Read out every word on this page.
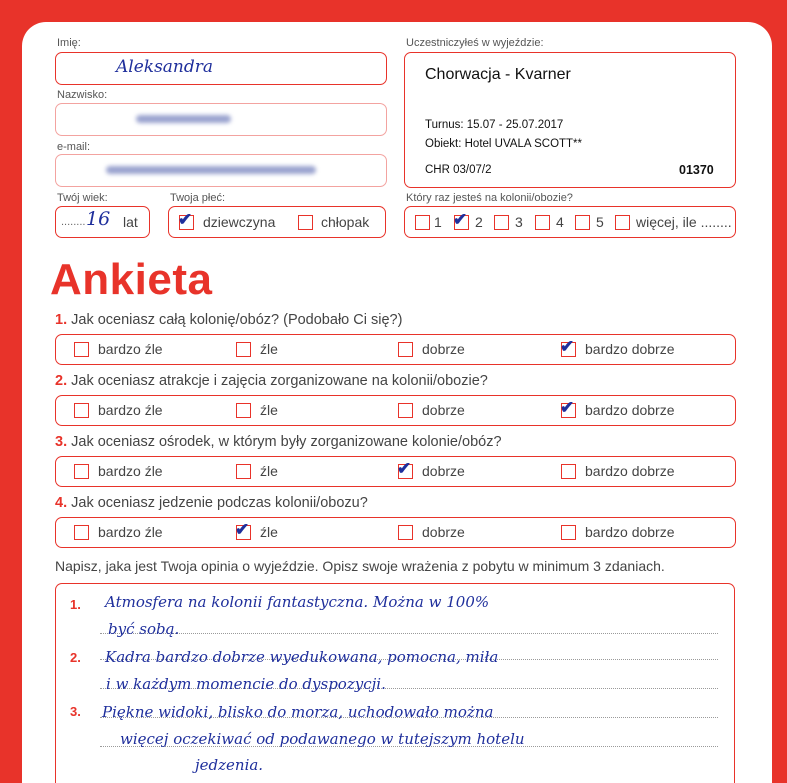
Imię:
Aleksandra
Nazwisko:
e-mail:
Twój wiek:
........ 16 lat
Twoja płeć:
✔ dziewczyna	chłopak
Uczestniczyłeś w wyjeździe:
Chorwacja - Kvarner
Turnus: 15.07 - 25.07.2017
Obiekt: Hotel UVALA SCOTT**
CHR 03/07/2	01370
Który raz jesteś na kolonii/obozie?
1 ✔ 2 3 4 5 więcej, ile ........
Ankieta
1. Jak oceniasz całą kolonię/obóz? (Podobało Ci się?)
bardzo źle	źle	dobrze	✔ bardzo dobrze
2. Jak oceniasz atrakcje i zajęcia zorganizowane na kolonii/obozie?
bardzo źle	źle	dobrze	✔ bardzo dobrze
3. Jak oceniasz ośrodek, w którym były zorganizowane kolonie/obóz?
bardzo źle	źle	✔ dobrze	bardzo dobrze
4. Jak oceniasz jedzenie podczas kolonii/obozu?
bardzo źle	✔ źle	dobrze	bardzo dobrze
Napisz, jaka jest Twoja opinia o wyjeździe. Opisz swoje wrażenia z pobytu w minimum 3 zdaniach.
1.
2.
3.
Atmosfera na kolonii fantastyczna. Można w 100%
być sobą.
Kadra bardzo dobrze wyedukowana, pomocna, miła
i w każdym momencie do dyspozycji.
Piękne widoki, blisko do morza, uchodowało można
więcej oczekiwać od podawanego w tutejszym hotelu
jedzenia.
